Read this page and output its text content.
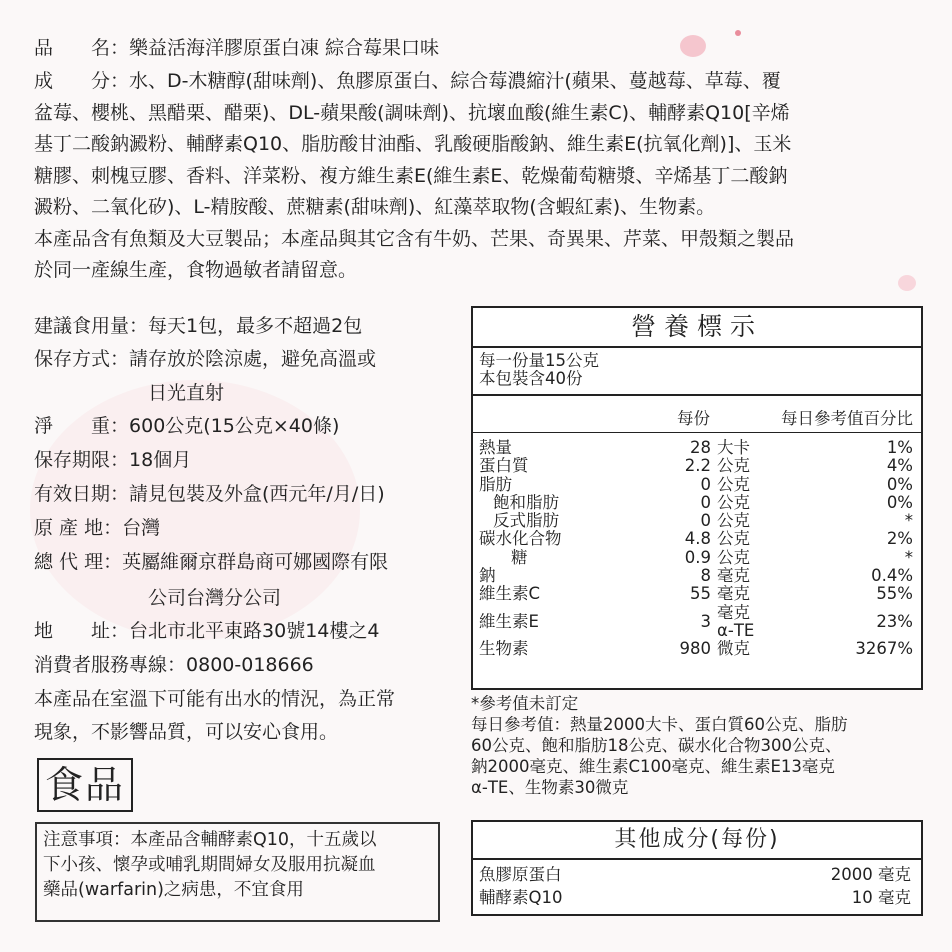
品　　名：樂益活海洋膠原蛋白凍 綜合莓果口味
成　　分：水、D-木糖醇(甜味劑)、魚膠原蛋白、綜合莓濃縮汁(蘋果、蔓越莓、草莓、覆
盆莓、櫻桃、黑醋栗、醋栗)、DL-蘋果酸(調味劑)、抗壞血酸(維生素C)、輔酵素Q10[辛烯
基丁二酸鈉澱粉、輔酵素Q10、脂肪酸甘油酯、乳酸硬脂酸鈉、維生素E(抗氧化劑)]、玉米
糖膠、刺槐豆膠、香料、洋菜粉、複方維生素E(維生素E、乾燥葡萄糖漿、辛烯基丁二酸鈉
澱粉、二氧化矽)、L-精胺酸、蔗糖素(甜味劑)、紅藻萃取物(含蝦紅素)、生物素。
本產品含有魚類及大豆製品；本產品與其它含有牛奶、芒果、奇異果、芹菜、甲殼類之製品
於同一產線生產，食物過敏者請留意。
建議食用量：每天1包，最多不超過2包
保存方式：請存放於陰涼處，避免高溫或
日光直射
淨　　重：600公克(15公克×40條)
保存期限：18個月
有效日期：請見包裝及外盒(西元年/月/日)
原 產 地：台灣
總 代 理：英屬維爾京群島商可娜國際有限
公司台灣分公司
地　　址：台北市北平東路30號14樓之4
消費者服務專線：0800-018666
本產品在室溫下可能有出水的情況，為正常
現象，不影響品質，可以安心食用。
食品
注意事項：本產品含輔酵素Q10，十五歲以
下小孩、懷孕或哺乳期間婦女及服用抗凝血
藥品(warfarin)之病患，不宜食用
營養標示
每一份量15公克
本包裝含40份
每份	每日參考值百分比
熱量	28	大卡	1%
蛋白質	2.2	公克	4%
脂肪	0	公克	0%
飽和脂肪	0	公克	0%
反式脂肪	0	公克	*
碳水化合物	4.8	公克	2%
糖	0.9	公克	*
鈉	8	毫克	0.4%
維生素C	55	毫克	55%
維生素E	3	毫克α-TE	23%
生物素	980	微克	3267%
*參考值未訂定
每日參考值：熱量2000大卡、蛋白質60公克、脂肪
60公克、飽和脂肪18公克、碳水化合物300公克、
鈉2000毫克、維生素C100毫克、維生素E13毫克
α-TE、生物素30微克
其他成分(每份)
魚膠原蛋白	2000 毫克
輔酵素Q10	10 毫克
